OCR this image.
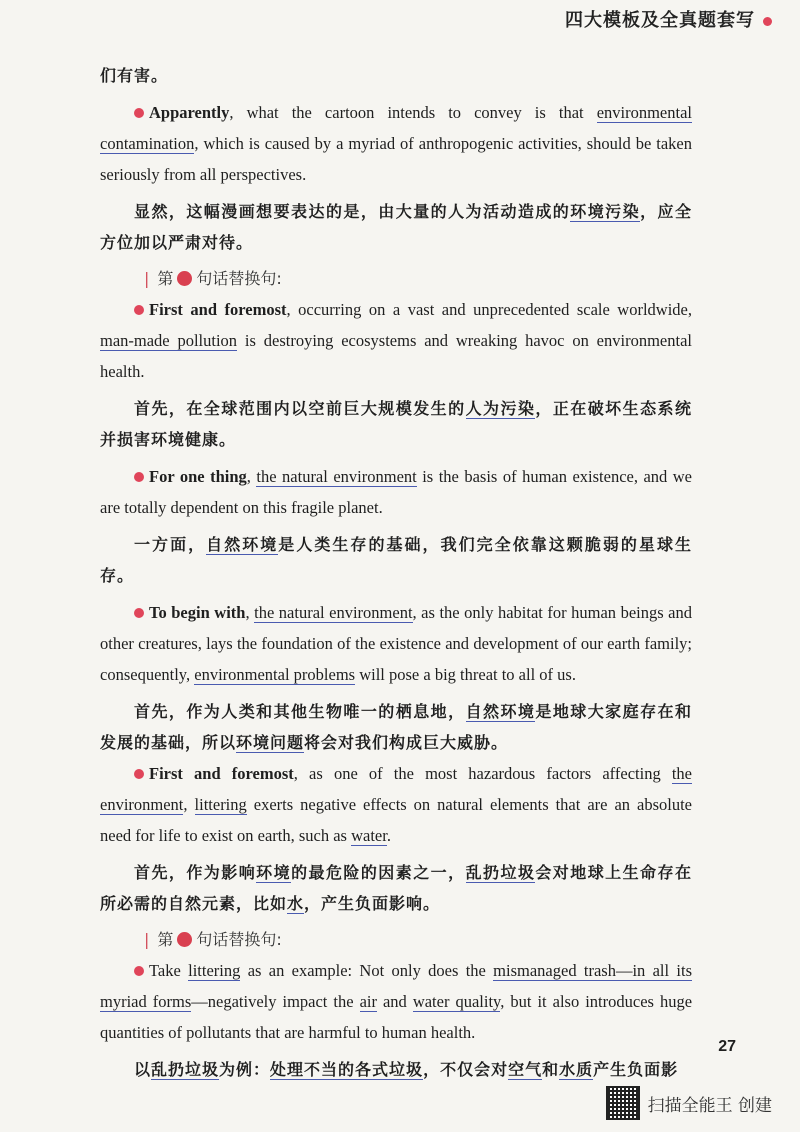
四大模板及全真题套写

们有害。

Apparently, what the cartoon intends to convey is that environmental contamination, which is caused by a myriad of anthropogenic activities, should be taken seriously from all perspectives.

显然，这幅漫画想要表达的是，由大量的人为活动造成的环境污染，应全方位加以严肃对待。

| 第 句话替换句:

First and foremost, occurring on a vast and unprecedented scale worldwide, man-made pollution is destroying ecosystems and wreaking havoc on environmental health.

首先，在全球范围内以空前巨大规模发生的人为污染，正在破坏生态系统并损害环境健康。

For one thing, the natural environment is the basis of human existence, and we are totally dependent on this fragile planet.

一方面，自然环境是人类生存的基础，我们完全依靠这颗脆弱的星球生存。

To begin with, the natural environment, as the only habitat for human beings and other creatures, lays the foundation of the existence and development of our earth family; consequently, environmental problems will pose a big threat to all of us.

首先，作为人类和其他生物唯一的栖息地，自然环境是地球大家庭存在和发展的基础，所以环境问题将会对我们构成巨大威胁。

First and foremost, as one of the most hazardous factors affecting the environment, littering exerts negative effects on natural elements that are an absolute need for life to exist on earth, such as water.

首先，作为影响环境的最危险的因素之一，乱扔垃圾会对地球上生命存在所必需的自然元素，比如水，产生负面影响。

| 第 句话替换句:

Take littering as an example: Not only does the mismanaged trash—in all its myriad forms—negatively impact the air and water quality, but it also introduces huge quantities of pollutants that are harmful to human health.

以乱扔垃圾为例：处理不当的各式垃圾，不仅会对空气和水质产生负面影

27
扫描全能王 创建
